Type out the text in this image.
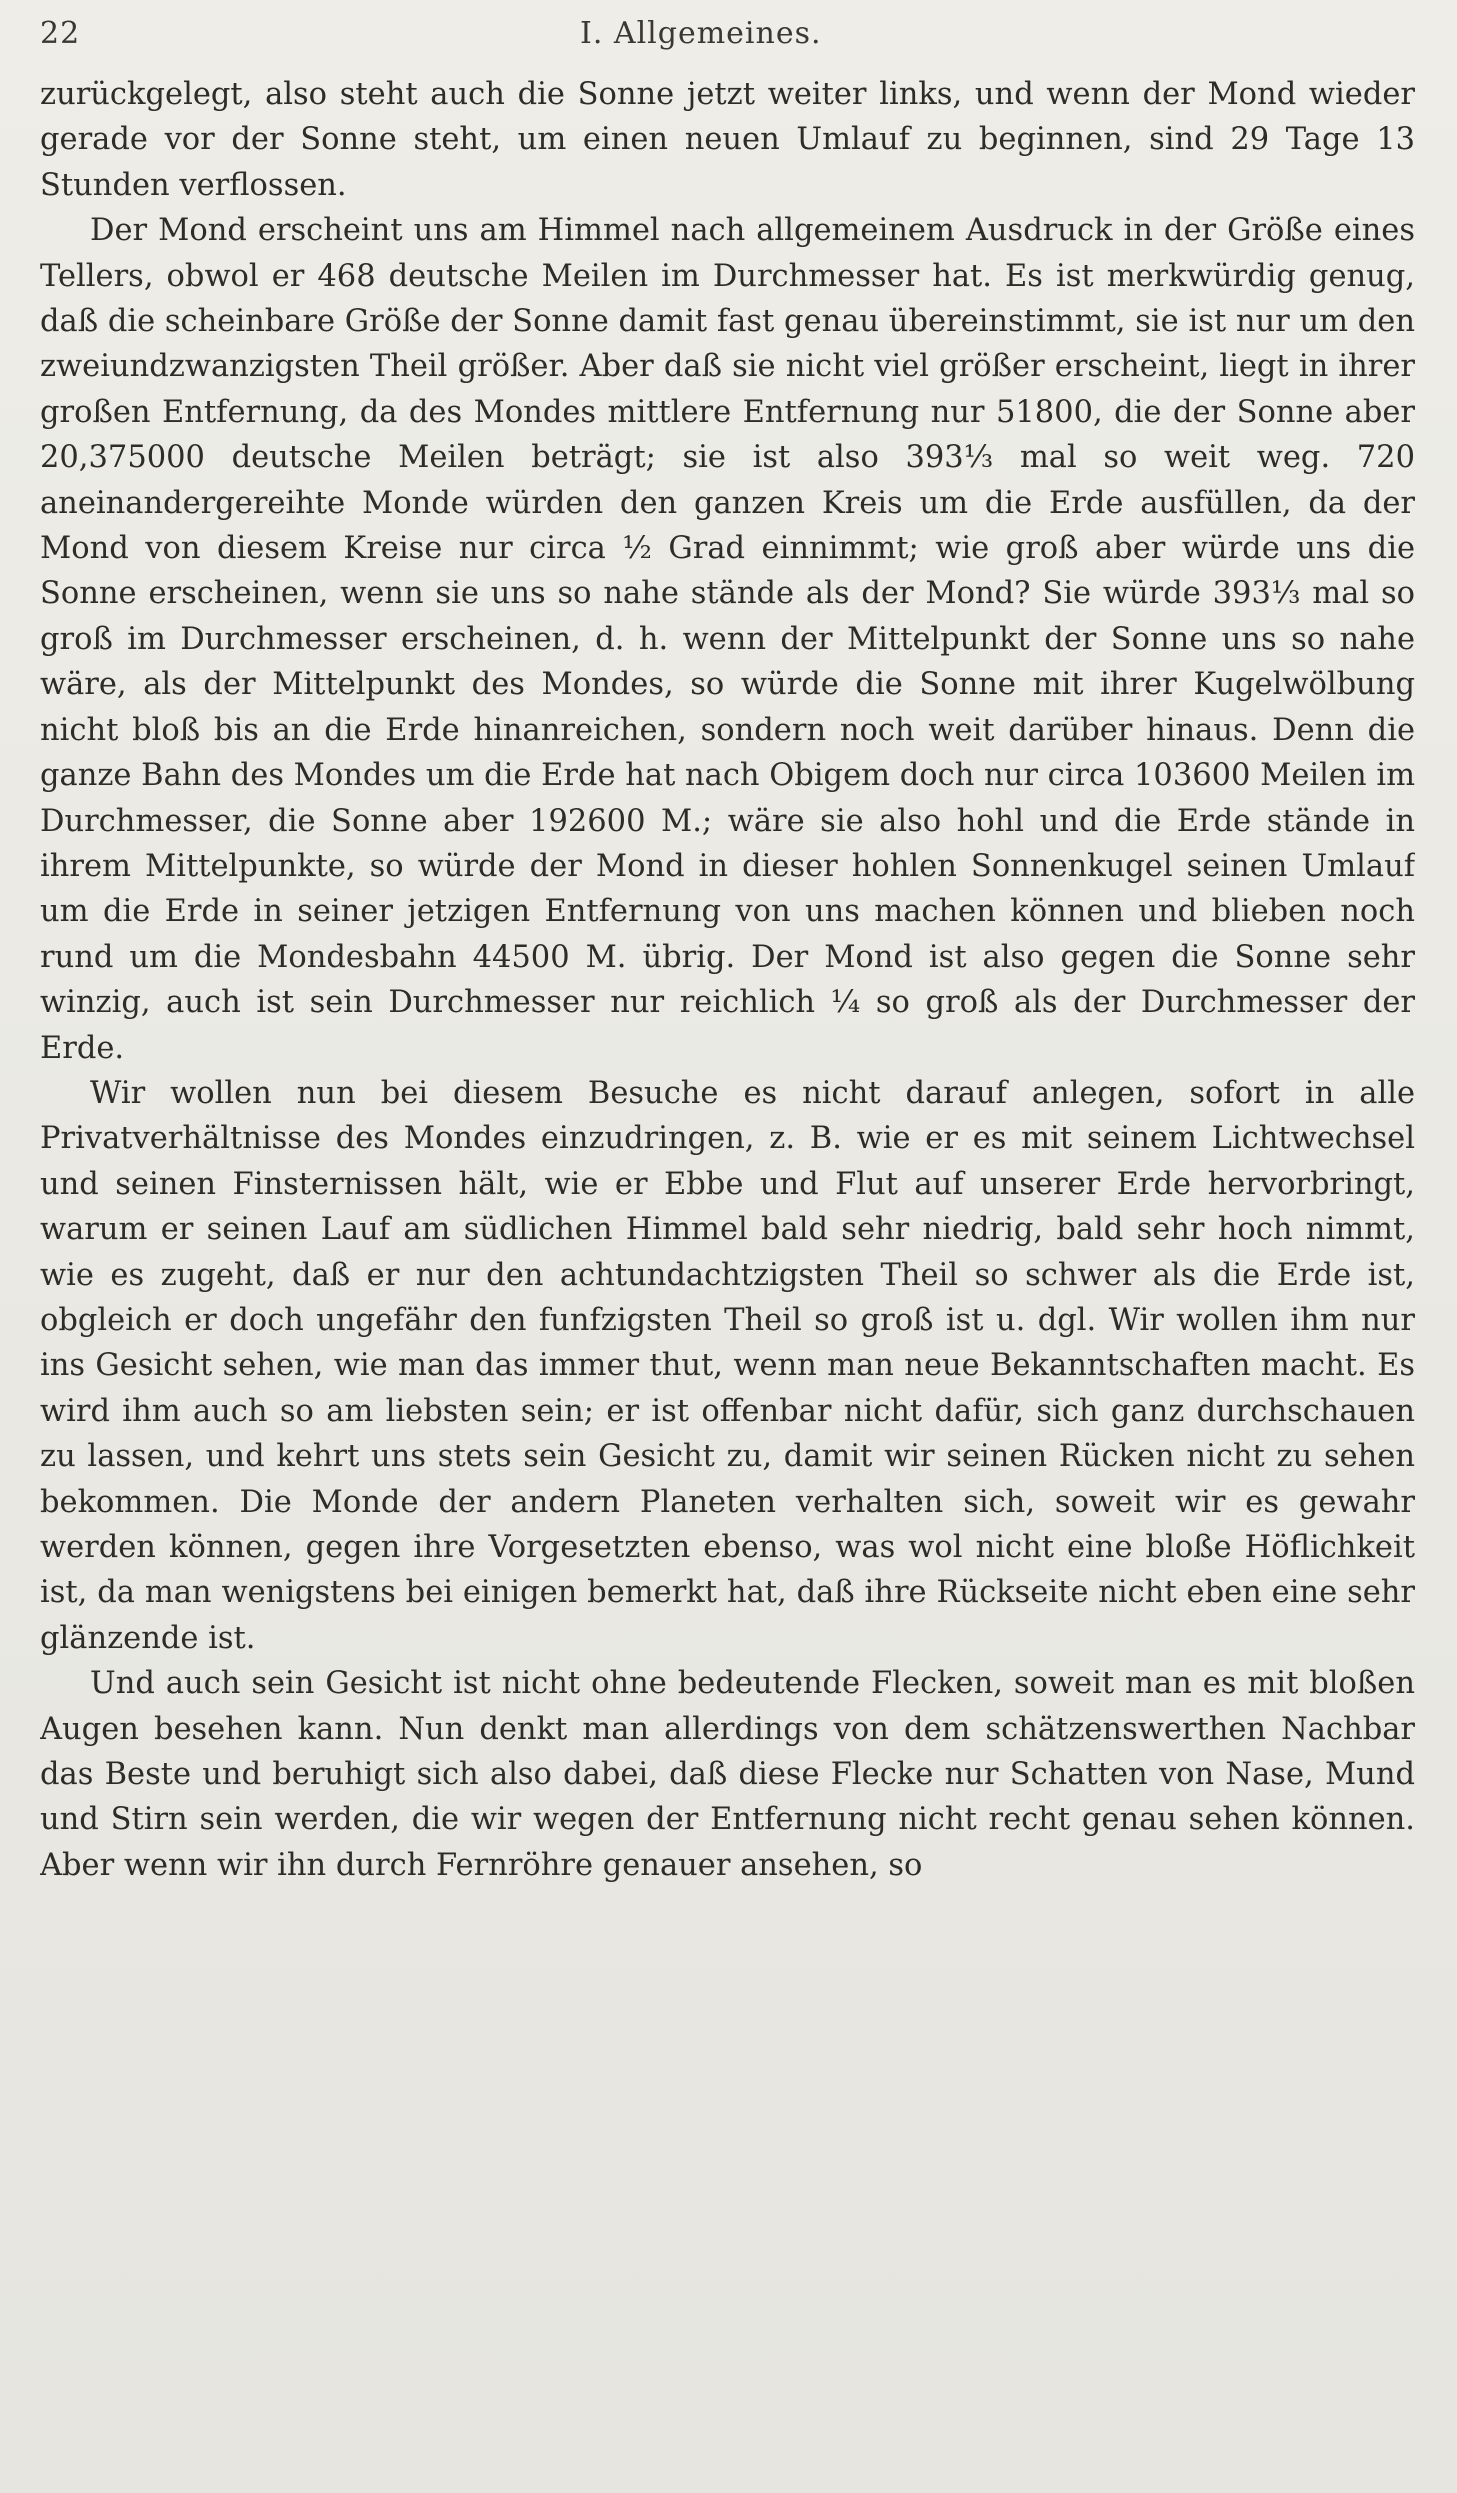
22	I. Allgemeines.

zurückgelegt, also steht auch die Sonne jetzt weiter links, und wenn der Mond wieder gerade vor der Sonne steht, um einen neuen Umlauf zu beginnen, sind 29 Tage 13 Stunden verflossen.

Der Mond erscheint uns am Himmel nach allgemeinem Ausdruck in der Größe eines Tellers, obwol er 468 deutsche Meilen im Durchmesser hat. Es ist merkwürdig genug, daß die scheinbare Größe der Sonne damit fast genau übereinstimmt, sie ist nur um den zweiundzwanzigsten Theil größer. Aber daß sie nicht viel größer erscheint, liegt in ihrer großen Entfernung, da des Mondes mittlere Entfernung nur 51800, die der Sonne aber 20,375000 deutsche Meilen beträgt; sie ist also 393⅓ mal so weit weg. 720 aneinandergereihte Monde würden den ganzen Kreis um die Erde ausfüllen, da der Mond von diesem Kreise nur circa ½ Grad einnimmt; wie groß aber würde uns die Sonne erscheinen, wenn sie uns so nahe stände als der Mond? Sie würde 393⅓ mal so groß im Durchmesser erscheinen, d. h. wenn der Mittelpunkt der Sonne uns so nahe wäre, als der Mittelpunkt des Mondes, so würde die Sonne mit ihrer Kugelwölbung nicht bloß bis an die Erde hinanreichen, sondern noch weit darüber hinaus. Denn die ganze Bahn des Mondes um die Erde hat nach Obigem doch nur circa 103600 Meilen im Durchmesser, die Sonne aber 192600 M.; wäre sie also hohl und die Erde stände in ihrem Mittelpunkte, so würde der Mond in dieser hohlen Sonnenkugel seinen Umlauf um die Erde in seiner jetzigen Entfernung von uns machen können und blieben noch rund um die Mondesbahn 44500 M. übrig. Der Mond ist also gegen die Sonne sehr winzig, auch ist sein Durchmesser nur reichlich ¼ so groß als der Durchmesser der Erde.

Wir wollen nun bei diesem Besuche es nicht darauf anlegen, sofort in alle Privatverhältnisse des Mondes einzudringen, z. B. wie er es mit seinem Lichtwechsel und seinen Finsternissen hält, wie er Ebbe und Flut auf unserer Erde hervorbringt, warum er seinen Lauf am südlichen Himmel bald sehr niedrig, bald sehr hoch nimmt, wie es zugeht, daß er nur den achtundachtzigsten Theil so schwer als die Erde ist, obgleich er doch ungefähr den funfzigsten Theil so groß ist u. dgl. Wir wollen ihm nur ins Gesicht sehen, wie man das immer thut, wenn man neue Bekanntschaften macht. Es wird ihm auch so am liebsten sein; er ist offenbar nicht dafür, sich ganz durchschauen zu lassen, und kehrt uns stets sein Gesicht zu, damit wir seinen Rücken nicht zu sehen bekommen. Die Monde der andern Planeten verhalten sich, soweit wir es gewahr werden können, gegen ihre Vorgesetzten ebenso, was wol nicht eine bloße Höflichkeit ist, da man wenigstens bei einigen bemerkt hat, daß ihre Rückseite nicht eben eine sehr glänzende ist.

Und auch sein Gesicht ist nicht ohne bedeutende Flecken, soweit man es mit bloßen Augen besehen kann. Nun denkt man allerdings von dem schätzenswerthen Nachbar das Beste und beruhigt sich also dabei, daß diese Flecke nur Schatten von Nase, Mund und Stirn sein werden, die wir wegen der Entfernung nicht recht genau sehen können. Aber wenn wir ihn durch Fernröhre genauer ansehen, so
